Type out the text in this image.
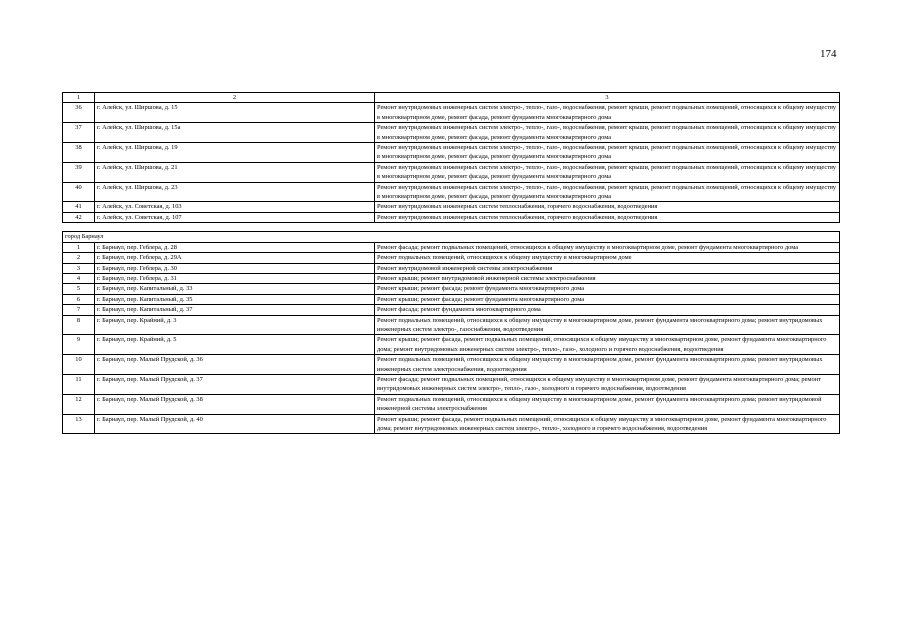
174
1	2	3
36	г. Алейск, ул. Ширшова, д. 15	Ремонт внутридомовых инженерных систем электро-, тепло-, газо-, водоснабжения, ремонт крыши, ремонт подвальных помещений, относящихся к общему имуществу в многоквартирном доме, ремонт фасада, ремонт фундамента многоквартирного дома
37	г. Алейск, ул. Ширшова, д. 15а	Ремонт внутридомовых инженерных систем электро-, тепло-, газо-, водоснабжения, ремонт крыши, ремонт подвальных помещений, относящихся к общему имуществу в многоквартирном доме, ремонт фасада, ремонт фундамента многоквартирного дома
38	г. Алейск, ул. Ширшова, д. 19	Ремонт внутридомовых инженерных систем электро-, тепло-, газо-, водоснабжения, ремонт крыши, ремонт подвальных помещений, относящихся к общему имуществу в многоквартирном доме, ремонт фасада, ремонт фундамента многоквартирного дома
39	г. Алейск, ул. Ширшова, д. 21	Ремонт внутридомовых инженерных систем электро-, тепло-, газо-, водоснабжения, ремонт крыши, ремонт подвальных помещений, относящихся к общему имуществу в многоквартирном доме, ремонт фасада, ремонт фундамента многоквартирного дома
40	г. Алейск, ул. Ширшова, д. 23	Ремонт внутридомовых инженерных систем электро-, тепло-, газо-, водоснабжения, ремонт крыши, ремонт подвальных помещений, относящихся к общему имуществу в многоквартирном доме, ремонт фасада, ремонт фундамента многоквартирного дома
41	г. Алейск, ул. Советская, д. 103	Ремонт внутридомовых инженерных систем теплоснабжения, горячего водоснабжения, водоотведения
42	г. Алейск, ул. Советская, д. 107	Ремонт внутридомовых инженерных систем теплоснабжения, горячего водоснабжения, водоотведения

город Барнаул		
1	г. Барнаул, пер. Геблера, д. 28	Ремонт фасада; ремонт подвальных помещений, относящихся к общему имуществу в многоквартирном доме, ремонт фундамента многоквартирного дома
2	г. Барнаул, пер. Геблера, д. 29А	Ремонт подвальных помещений, относящихся к общему имуществу в многоквартирном доме
3	г. Барнаул, пер. Геблера, д. 30	Ремонт внутридомовой инженерной системы электроснабжения
4	г. Барнаул, пер. Геблера, д. 31	Ремонт крыши; ремонт внутридомовой инженерной системы электроснабжения
5	г. Барнаул, пер. Капитальный, д. 33	Ремонт крыши; ремонт фасада; ремонт фундамента многоквартирного дома
6	г. Барнаул, пер. Капитальный, д. 35	Ремонт крыши; ремонт фасада; ремонт фундамента многоквартирного дома
7	г. Барнаул, пер. Капитальный, д. 37	Ремонт фасада; ремонт фундамента многоквартирного дома
8	г. Барнаул, пер. Крайний, д. 3	Ремонт подвальных помещений, относящихся к общему имуществу в многоквартирном доме, ремонт фундамента многоквартирного дома; ремонт внутридомовых инженерных систем электро-, газоснабжения, водоотведения
9	г. Барнаул, пер. Крайний, д. 5	Ремонт крыши; ремонт фасада, ремонт подвальных помещений, относящихся к общему имуществу в многоквартирном доме, ремонт фундамента многоквартирного дома; ремонт внутридомовых инженерных систем электро-, тепло-, газо-, холодного и горячего водоснабжения, водоотведения
10	г. Барнаул, пер. Малый Прудской, д. 36	Ремонт подвальных помещений, относящихся к общему имуществу в многоквартирном доме, ремонт фундамента многоквартирного дома; ремонт внутридомовых инженерных систем электроснабжения, водоотведения
11	г. Барнаул, пер. Малый Прудской, д. 37	Ремонт фасада; ремонт подвальных помещений, относящихся к общему имуществу в многоквартирном доме, ремонт фундамента многоквартирного дома; ремонт внутридомовых инженерных систем электро-, тепло-, газо-, холодного и горячего водоснабжения, водоотведения
12	г. Барнаул, пер. Малый Прудской, д. 38	Ремонт подвальных помещений, относящихся к общему имуществу в многоквартирном доме, ремонт фундамента многоквартирного дома; ремонт внутридомовой инженерной системы электроснабжения
13	г. Барнаул, пер. Малый Прудской, д. 40	Ремонт крыши; ремонт фасада, ремонт подвальных помещений, относящихся к общему имуществу в многоквартирном доме, ремонт фундамента многоквартирного дома; ремонт внутридомовых инженерных систем электро-, тепло-, холодного и горячего водоснабжения, водоотведения
